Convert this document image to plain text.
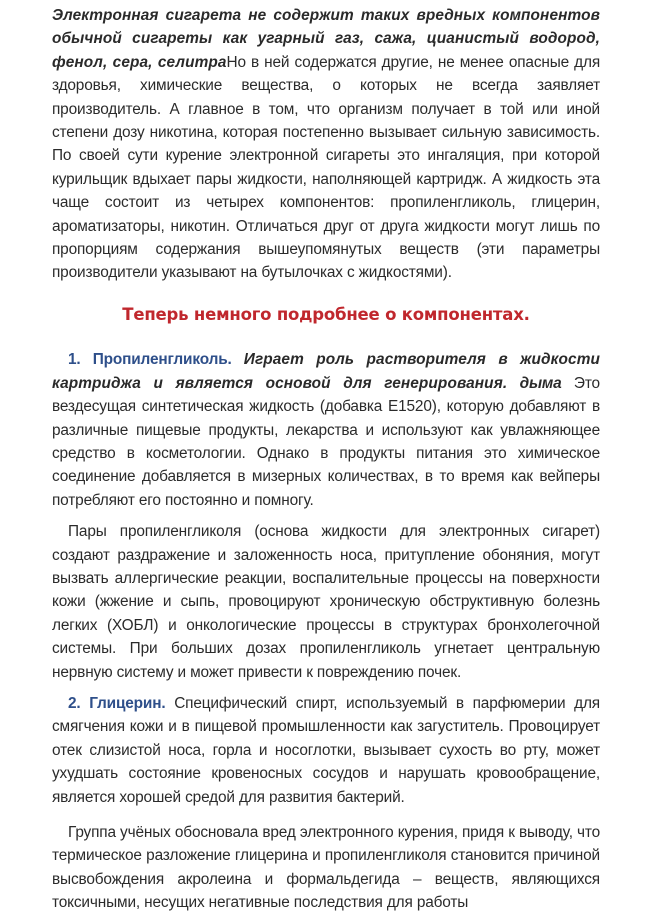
Электронная сигарета не содержит таких вредных компонентов обычной сигареты как угарный газ, сажа, цианистый водород, фенол, сера, селитраНо в ней содержатся другие, не менее опасные для здоровья, химические вещества, о которых не всегда заявляет производитель. А главное в том, что организм получает в той или иной степени дозу никотина, которая постепенно вызывает сильную зависимость. По своей сути курение электронной сигареты это ингаляция, при которой курильщик вдыхает пары жидкости, наполняющей картридж. А жидкость эта чаще состоит из четырех компонентов: пропиленгликоль, глицерин, ароматизаторы, никотин. Отличаться друг от друга жидкости могут лишь по пропорциям содержания вышеупомянутых веществ (эти параметры производители указывают на бутылочках с жидкостями).

Теперь немного подробнее о компонентах.

1. Пропиленгликоль. Играет роль растворителя в жидкости картриджа и является основой для генерирования. дыма Это вездесущая синтетическая жидкость (добавка Е1520), которую добавляют в различные пищевые продукты, лекарства и используют как увлажняющее средство в косметологии. Однако в продукты питания это химическое соединение добавляется в мизерных количествах, в то время как вейперы потребляют его постоянно и помногу.

Пары пропиленгликоля (основа жидкости для электронных сигарет) создают раздражение и заложенность носа, притупление обоняния, могут вызвать аллергические реакции, воспалительные процессы на поверхности кожи (жжение и сыпь, провоцируют хроническую обструктивную болезнь легких (ХОБЛ) и онкологические процессы в структурах бронхолегочной системы. При больших дозах пропиленгликоль угнетает центральную нервную систему и может привести к повреждению почек.

2. Глицерин. Специфический спирт, используемый в парфюмерии для смягчения кожи и в пищевой промышленности как загуститель. Провоцирует отек слизистой носа, горла и носоглотки, вызывает сухость во рту, может ухудшать состояние кровеносных сосудов и нарушать кровообращение, является хорошей средой для развития бактерий.

Группа учёных обосновала вред электронного курения, придя к выводу, что термическое разложение глицерина и пропиленгликоля становится причиной высвобождения акролеина и формальдегида – веществ, являющихся токсичными, несущих негативные последствия для работы
